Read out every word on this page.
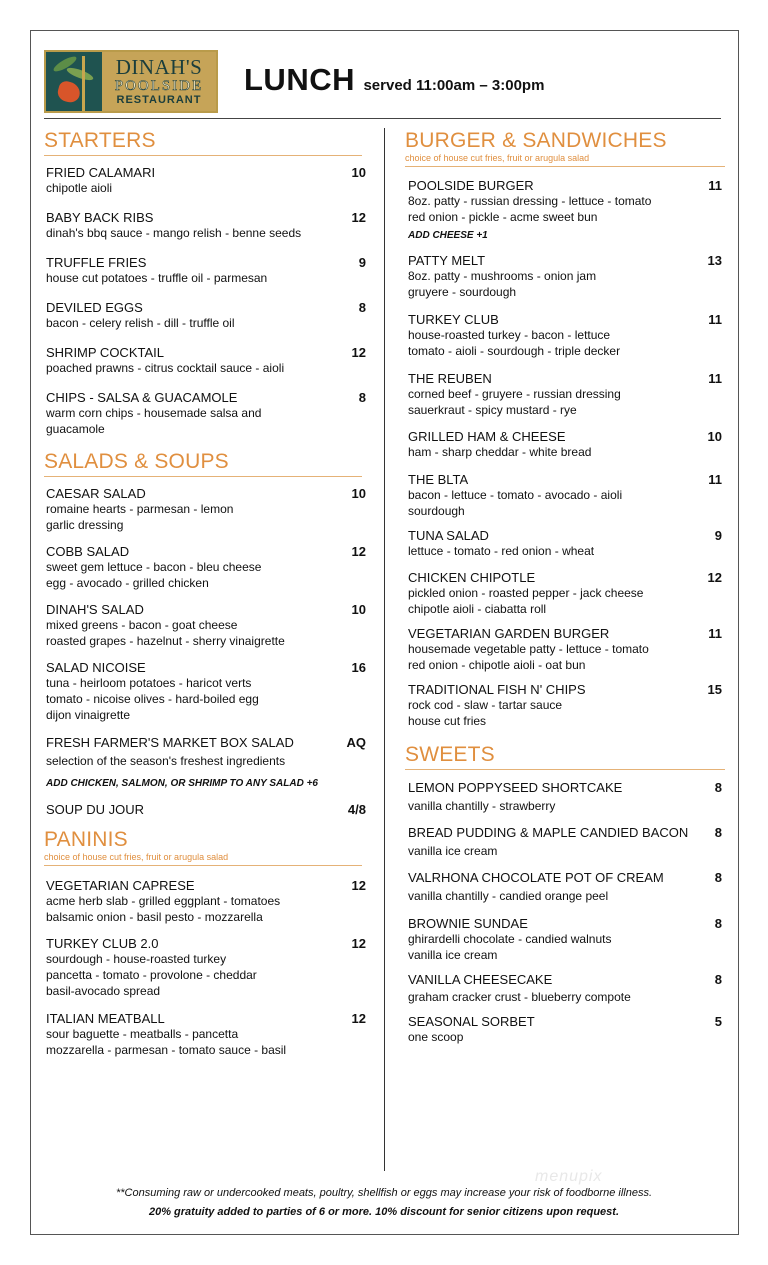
DINAH'S
POOLSIDE
RESTAURANT
LUNCH served 11:00am – 3:00pm
STARTERS
FRIED CALAMARI	10
chipotle aioli
BABY BACK RIBS	12
dinah's bbq sauce - mango relish - benne seeds
TRUFFLE FRIES	9
house cut potatoes - truffle oil - parmesan
DEVILED EGGS	8
bacon - celery relish - dill - truffle oil
SHRIMP COCKTAIL	12
poached prawns - citrus cocktail sauce - aioli
CHIPS - SALSA & GUACAMOLE	8
warm corn chips - housemade salsa and
guacamole
SALADS & SOUPS
CAESAR SALAD	10
romaine hearts - parmesan - lemon
garlic dressing
COBB SALAD	12
sweet gem lettuce - bacon - bleu cheese
egg - avocado - grilled chicken
DINAH'S SALAD	10
mixed greens - bacon - goat cheese
roasted grapes - hazelnut - sherry vinaigrette
SALAD NICOISE	16
tuna - heirloom potatoes - haricot verts
tomato - nicoise olives - hard-boiled egg
dijon vinaigrette
FRESH FARMER'S MARKET BOX SALAD	AQ
selection of the season's freshest ingredients
ADD CHICKEN, SALMON, OR SHRIMP TO ANY SALAD +6
SOUP DU JOUR	4/8
PANINIS
choice of house cut fries, fruit or arugula salad
VEGETARIAN CAPRESE	12
acme herb slab - grilled eggplant - tomatoes
balsamic onion - basil pesto - mozzarella
TURKEY CLUB 2.0	12
sourdough - house-roasted turkey
pancetta - tomato - provolone - cheddar
basil-avocado spread
ITALIAN MEATBALL	12
sour baguette - meatballs - pancetta
mozzarella - parmesan - tomato sauce - basil
BURGER & SANDWICHES
choice of house cut fries, fruit or arugula salad
POOLSIDE BURGER	11
8oz. patty - russian dressing - lettuce - tomato
red onion - pickle - acme sweet bun
ADD CHEESE +1
PATTY MELT	13
8oz. patty - mushrooms - onion jam
gruyere - sourdough
TURKEY CLUB	11
house-roasted turkey - bacon - lettuce
tomato - aioli - sourdough - triple decker
THE REUBEN	11
corned beef - gruyere - russian dressing
sauerkraut - spicy mustard - rye
GRILLED HAM & CHEESE	10
ham - sharp cheddar - white bread
THE BLTA	11
bacon - lettuce - tomato - avocado - aioli
sourdough
TUNA SALAD	9
lettuce - tomato - red onion - wheat
CHICKEN CHIPOTLE	12
pickled onion - roasted pepper - jack cheese
chipotle aioli - ciabatta roll
VEGETARIAN GARDEN BURGER	11
housemade vegetable patty - lettuce - tomato
red onion - chipotle aioli - oat bun
TRADITIONAL FISH N' CHIPS	15
rock cod - slaw - tartar sauce
house cut fries
SWEETS
LEMON POPPYSEED SHORTCAKE	8
vanilla chantilly - strawberry
BREAD PUDDING & MAPLE CANDIED BACON	8
vanilla ice cream
VALRHONA CHOCOLATE POT OF CREAM	8
vanilla chantilly - candied orange peel
BROWNIE SUNDAE	8
ghirardelli chocolate - candied walnuts
vanilla ice cream
VANILLA CHEESECAKE	8
graham cracker crust - blueberry compote
SEASONAL SORBET	5
one scoop
menupix
**Consuming raw or undercooked meats, poultry, shellfish or eggs may increase your risk of foodborne illness.
20% gratuity added to parties of 6 or more. 10% discount for senior citizens upon request.
